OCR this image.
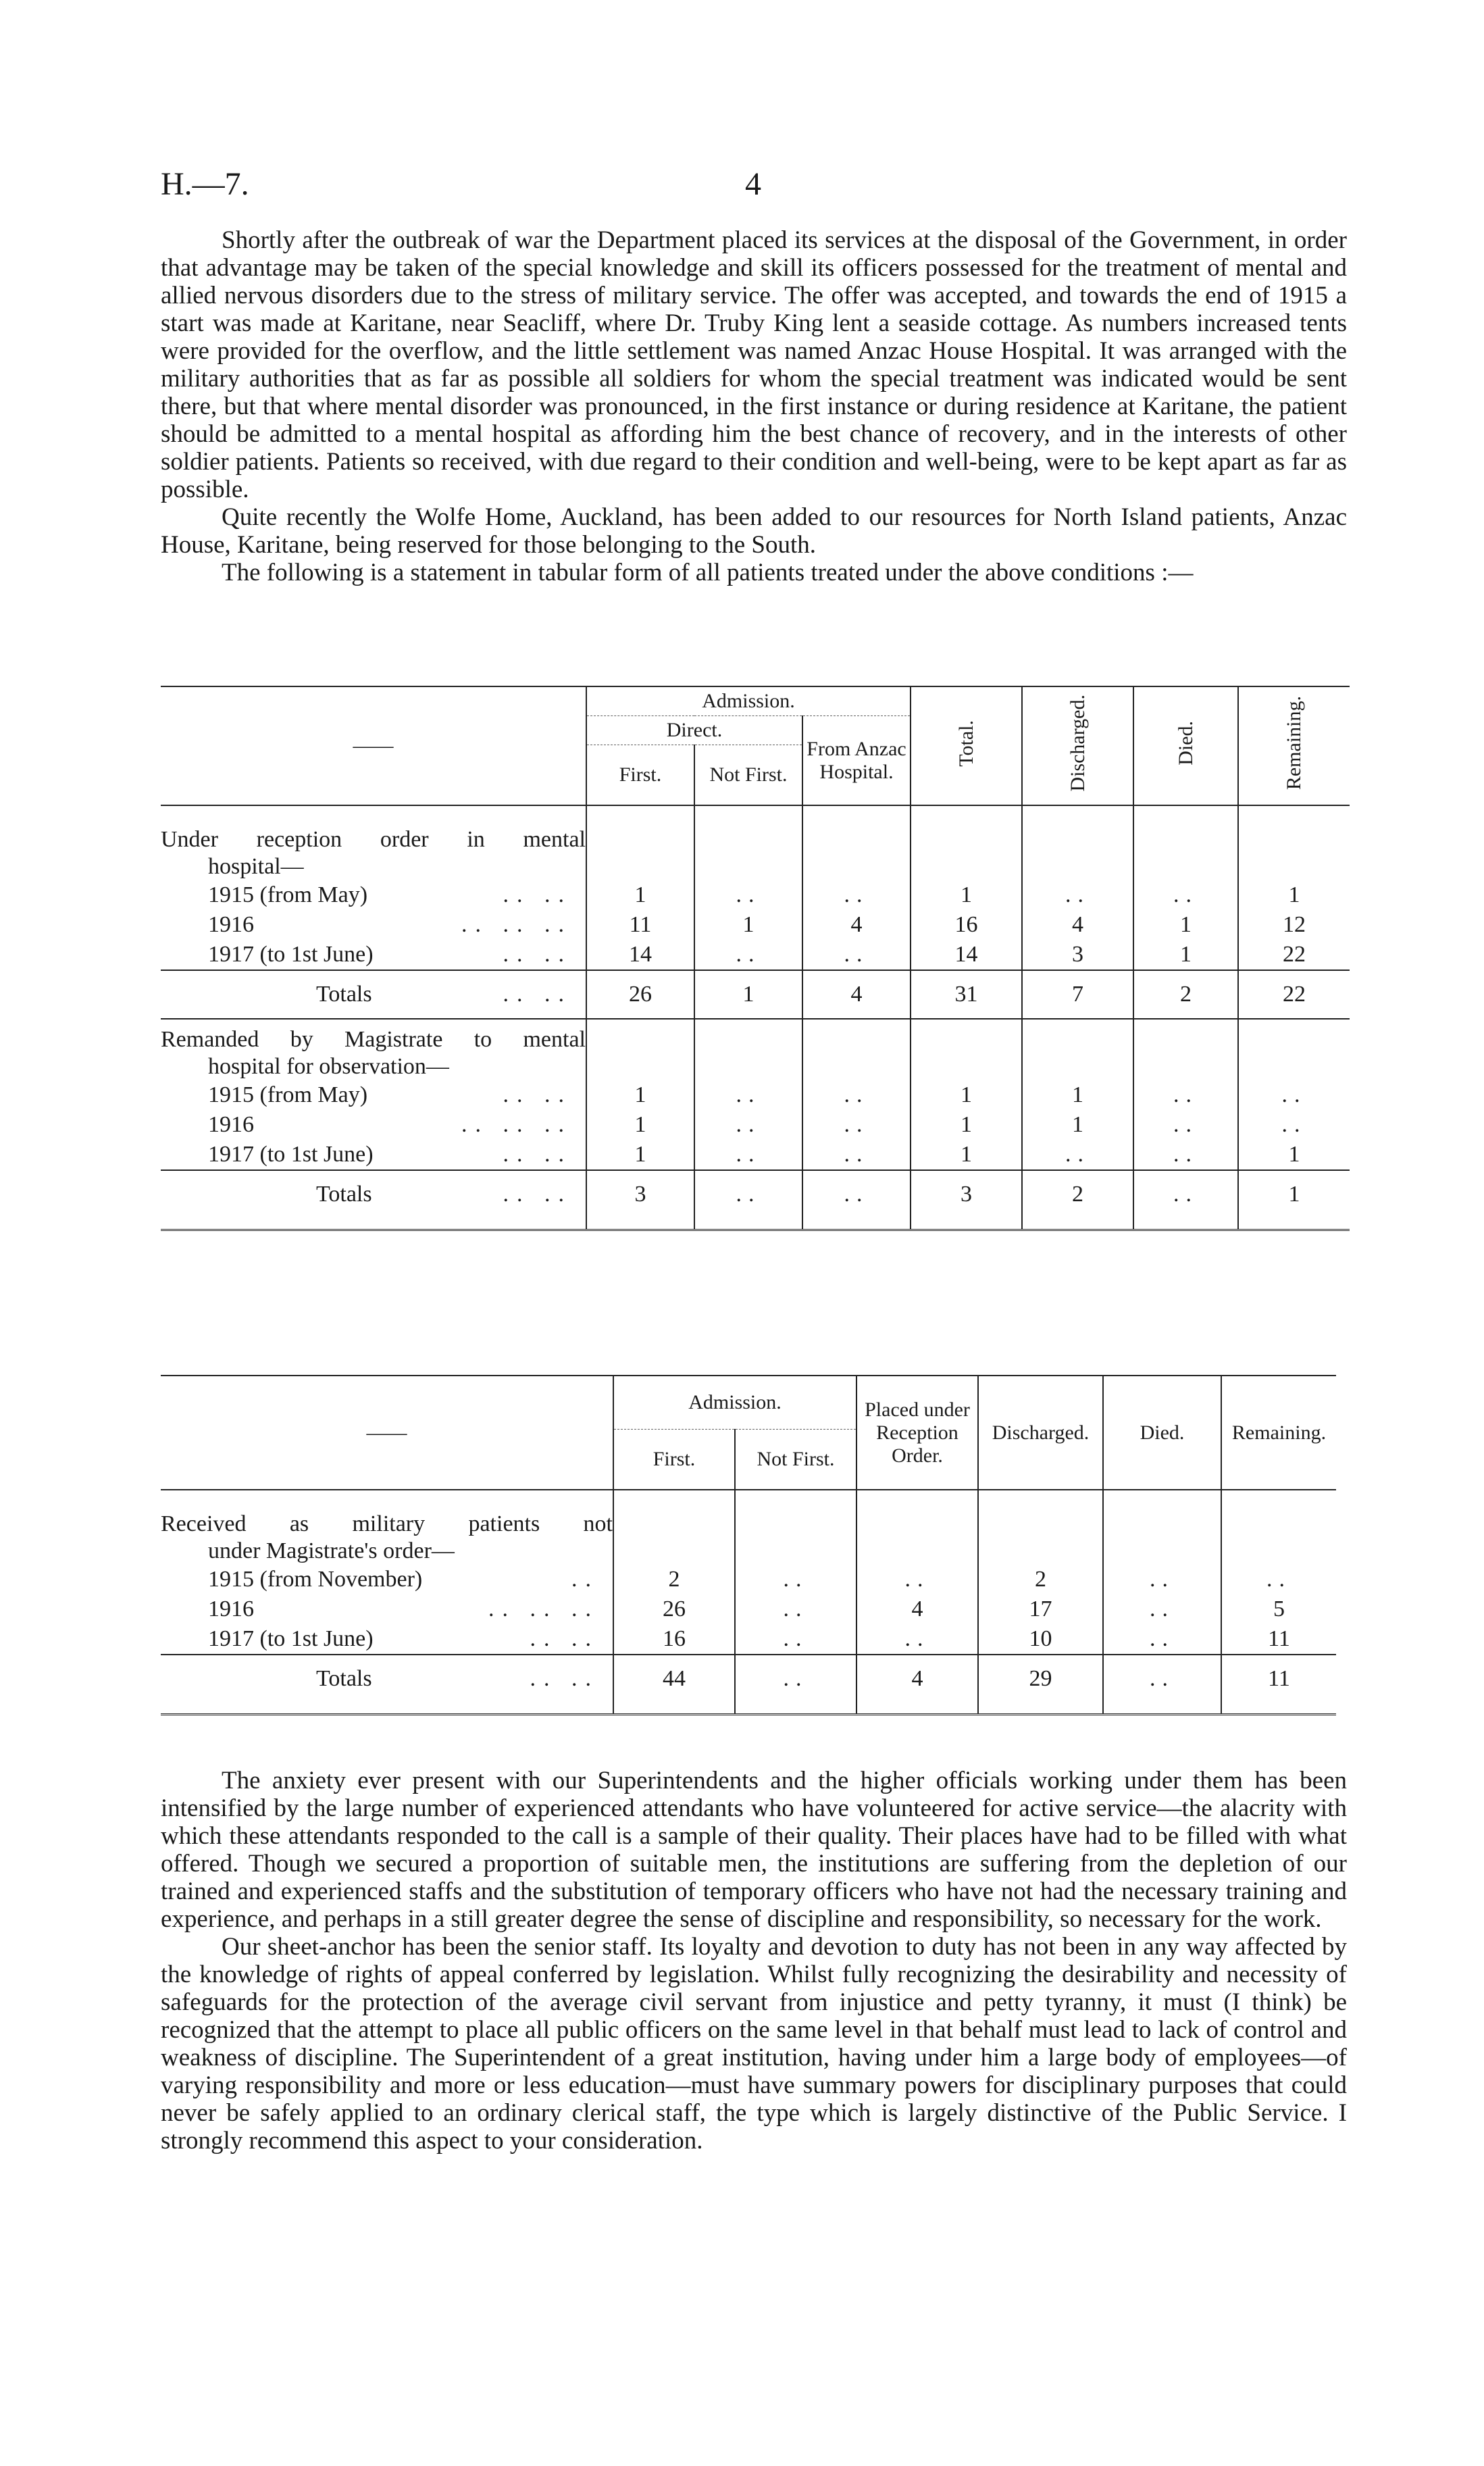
H.—7.	4

Shortly after the outbreak of war the Department placed its services at the disposal of the Government, in order that advantage may be taken of the special knowledge and skill its officers possessed for the treatment of mental and allied nervous disorders due to the stress of military service. The offer was accepted, and towards the end of 1915 a start was made at Karitane, near Seacliff, where Dr. Truby King lent a seaside cottage. As numbers increased tents were provided for the overflow, and the little settlement was named Anzac House Hospital. It was arranged with the military authorities that as far as possible all soldiers for whom the special treatment was indicated would be sent there, but that where mental disorder was pronounced, in the first instance or during residence at Karitane, the patient should be admitted to a mental hospital as affording him the best chance of recovery, and in the interests of other soldier patients. Patients so received, with due regard to their condition and well-being, were to be kept apart as far as possible.

Quite recently the Wolfe Home, Auckland, has been added to our resources for North Island patients, Anzac House, Karitane, being reserved for those belonging to the South.

The following is a statement in tabular form of all patients treated under the above conditions :—

——	Admission.			Total.	Discharged.	Died.	Remaining.
	Direct.		From Anzac Hospital.				
	First.	Not First.					

Under reception order in mental
hospital—							

1915 (from May) .. ..	1	..	..	1	..	..	1
1916 .. .. ..	11	1	4	16	4	1	12
1917 (to 1st June) .. ..	14	..	..	14	3	1	22
Totals .. ..	26	1	4	31	7	2	22

Remanded by Magistrate to mental
hospital for observation—							

1915 (from May) .. ..	1	..	..	1	1	..	..
1916 .. .. ..	1	..	..	1	1	..	..
1917 (to 1st June) .. ..	1	..	..	1	..	..	1
Totals .. ..	3	..	..	3	2	..	1

——	Admission.		Placed under Reception Order.	Discharged.	Died.	Remaining.
	First.	Not First.				

Received as military patients not
under Magistrate's order—						

1915 (from November) ..	2	..	..	2	..	..
1916 .. .. ..	26	..	4	17	..	5
1917 (to 1st June) .. ..	16	..	..	10	..	11
Totals .. ..	44	..	4	29	..	11

The anxiety ever present with our Superintendents and the higher officials working under them has been intensified by the large number of experienced attendants who have volunteered for active service—the alacrity with which these attendants responded to the call is a sample of their quality. Their places have had to be filled with what offered. Though we secured a proportion of suitable men, the institutions are suffering from the depletion of our trained and experienced staffs and the substitution of temporary officers who have not had the necessary training and experience, and perhaps in a still greater degree the sense of discipline and responsibility, so necessary for the work.

Our sheet-anchor has been the senior staff. Its loyalty and devotion to duty has not been in any way affected by the knowledge of rights of appeal conferred by legislation. Whilst fully recognizing the desirability and necessity of safeguards for the protection of the average civil servant from injustice and petty tyranny, it must (I think) be recognized that the attempt to place all public officers on the same level in that behalf must lead to lack of control and weakness of discipline. The Superintendent of a great institution, having under him a large body of employees—of varying responsibility and more or less education—must have summary powers for disciplinary purposes that could never be safely applied to an ordinary clerical staff, the type which is largely distinctive of the Public Service. I strongly recommend this aspect to your consideration.
